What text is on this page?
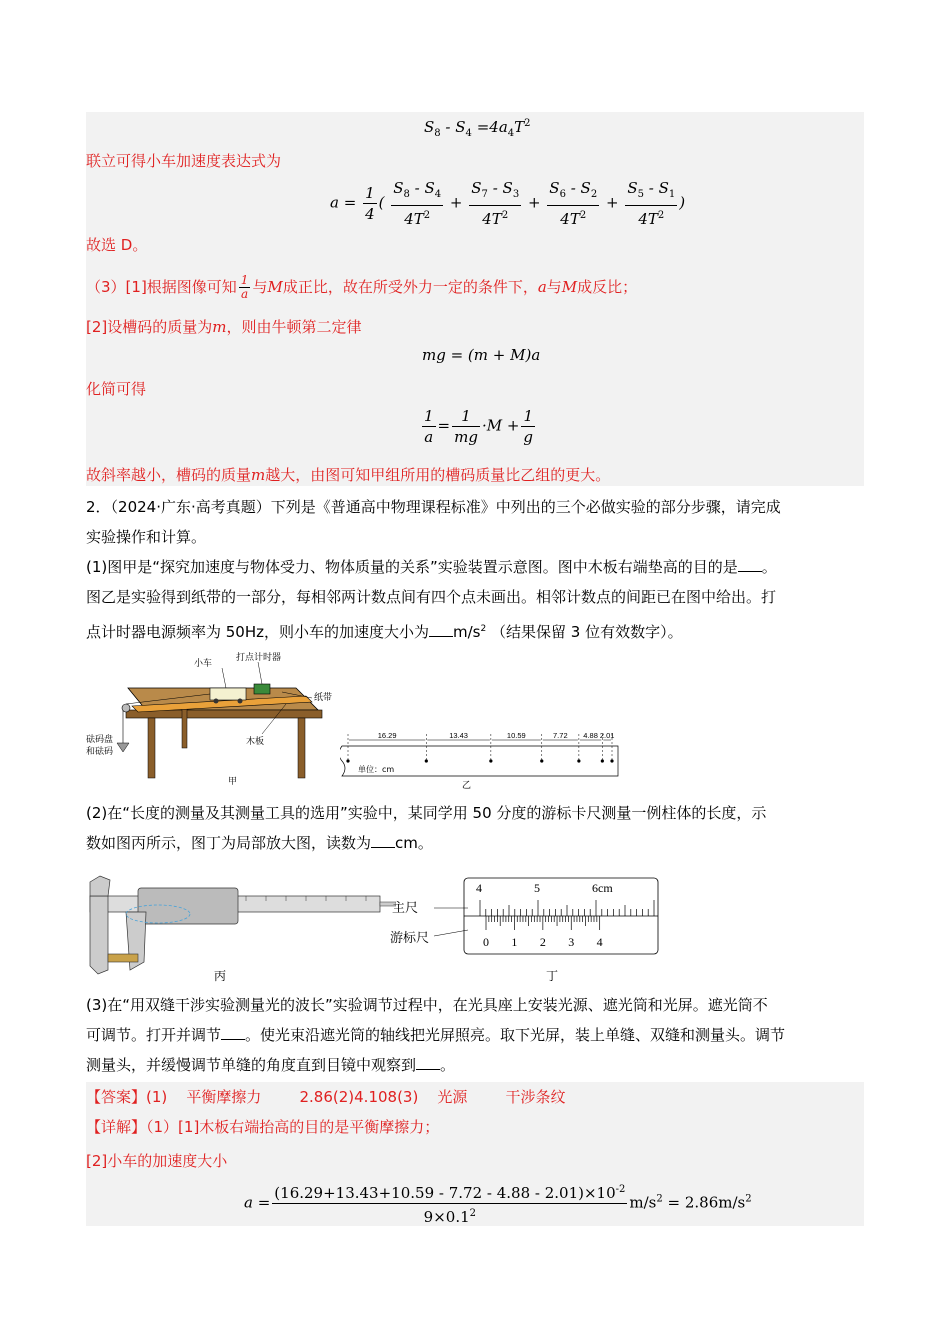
$S_8 - S_4 =4a_4T^2$
联立可得小车加速度表达式为
$a = \frac{1}{4}$ ( $\frac{S_8 - S_4}{4T^2} + \frac{S_7 - S_3}{4T^2} + \frac{S_6 - S_2}{4T^2} + \frac{S_5 - S_1}{4T^2}$ )
故选 D。
（3）[1]根据图像可知 $\frac{1}{a}$ 与M成正比，故在所受外力一定的条件下，a与M成反比；
[2]设槽码的质量为m，则由牛顿第二定律
mg = (m + M)a
化简可得
$\frac{1}{a} = \frac{1}{mg} \cdot M + \frac{1}{g}$
故斜率越小，槽码的质量m越大，由图可知甲组所用的槽码质量比乙组的更大。
2．（2024·广东·高考真题）下列是《普通高中物理课程标准》中列出的三个必做实验的部分步骤，请完成
实验操作和计算。
(1)图甲是“探究加速度与物体受力、物体质量的关系”实验装置示意图。图中木板右端垫高的目的是 。
图乙是实验得到纸带的一部分，每相邻两计数点间有四个点未画出。相邻计数点的间距已在图中给出。打
点计时器电源频率为 50Hz，则小车的加速度大小为 $m/s^2$ （结果保留 3 位有效数字）。
小车
打点计时器
纸带
砝码盘
和砝码
木板
甲
16.29	13.43	10.59	7.72 4.88 2.01
单位：cm
乙
(2)在“长度的测量及其测量工具的选用”实验中，某同学用 50 分度的游标卡尺测量一例柱体的长度，示
数如图丙所示，图丁为局部放大图，读数为 cm。
丙
4	5	6cm
0 1 2 3 4
主尺
游标尺
丁
(3)在“用双缝干涉实验测量光的波长”实验调节过程中，在光具座上安装光源、遮光筒和光屏。遮光筒不
可调节。打开并调节 。使光束沿遮光筒的轴线把光屏照亮。取下光屏，装上单缝、双缝和测量头。调节
测量头，并缓慢调节单缝的角度直到目镜中观察到 。
【答案】(1)    平衡摩擦力        2.86(2)4.108(3)    光源        干涉条纹
【详解】（1）[1]木板右端抬高的目的是平衡摩擦力；
[2]小车的加速度大小
$a = \frac{(16.29+13.43+10.59 - 7.72 - 4.88 - 2.01)\times 10^{-2}}{9\times 0.1^2} m/s^2 = 2.86m/s^2$
